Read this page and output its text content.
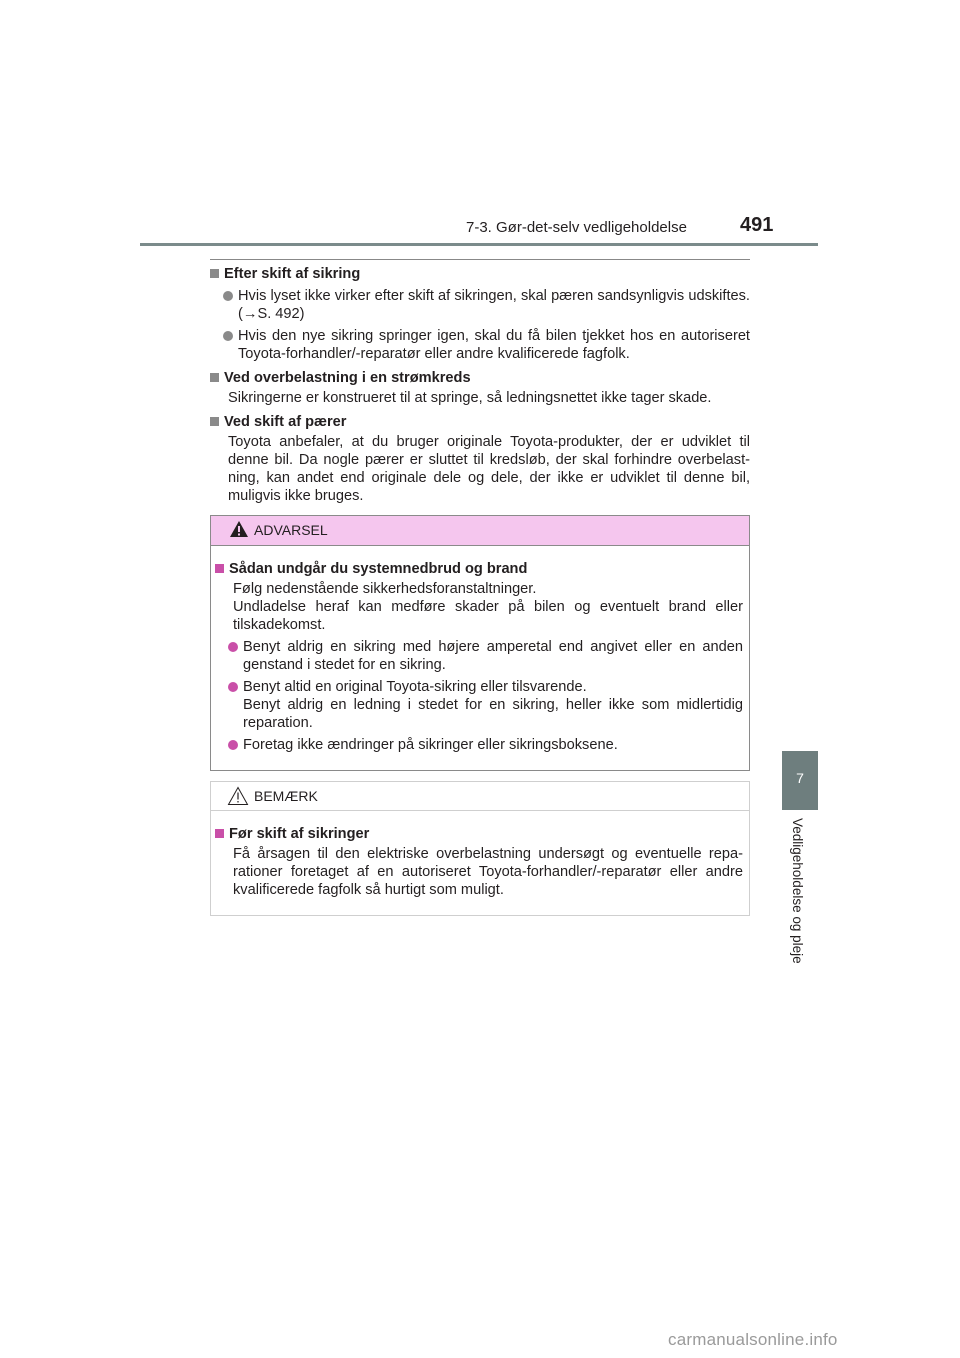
7-3. Gør-det-selv vedligeholdelse	491
7
Vedligeholdelse og pleje

Efter skift af sikring

Hvis lyset ikke virker efter skift af sikringen, skal pæren sandsynligvis udskiftes. (→S. 492)

Hvis den nye sikring springer igen, skal du få bilen tjekket hos en autoriseret Toyota-forhandler/-reparatør eller andre kvalificerede fagfolk.

Ved overbelastning i en strømkreds

Sikringerne er konstrueret til at springe, så ledningsnettet ikke tager skade.

Ved skift af pærer

Toyota anbefaler, at du bruger originale Toyota-produkter, der er udviklet til denne bil. Da nogle pærer er sluttet til kredsløb, der skal forhindre overbelast-ning, kan andet end originale dele og dele, der ikke er udviklet til denne bil, muligvis ikke bruges.

ADVARSEL

Sådan undgår du systemnedbrud og brand

Følg nedenstående sikkerhedsforanstaltninger.

Undladelse heraf kan medføre skader på bilen og eventuelt brand eller tilskadekomst.

Benyt aldrig en sikring med højere amperetal end angivet eller en anden genstand i stedet for en sikring.

Benyt altid en original Toyota-sikring eller tilsvarende.
Benyt aldrig en ledning i stedet for en sikring, heller ikke som midlertidig reparation.

Foretag ikke ændringer på sikringer eller sikringsboksene.

BEMÆRK

Før skift af sikringer

Få årsagen til den elektriske overbelastning undersøgt og eventuelle repa-rationer foretaget af en autoriseret Toyota-forhandler/-reparatør eller andre kvalificerede fagfolk så hurtigt som muligt.

carmanualsonline.info
